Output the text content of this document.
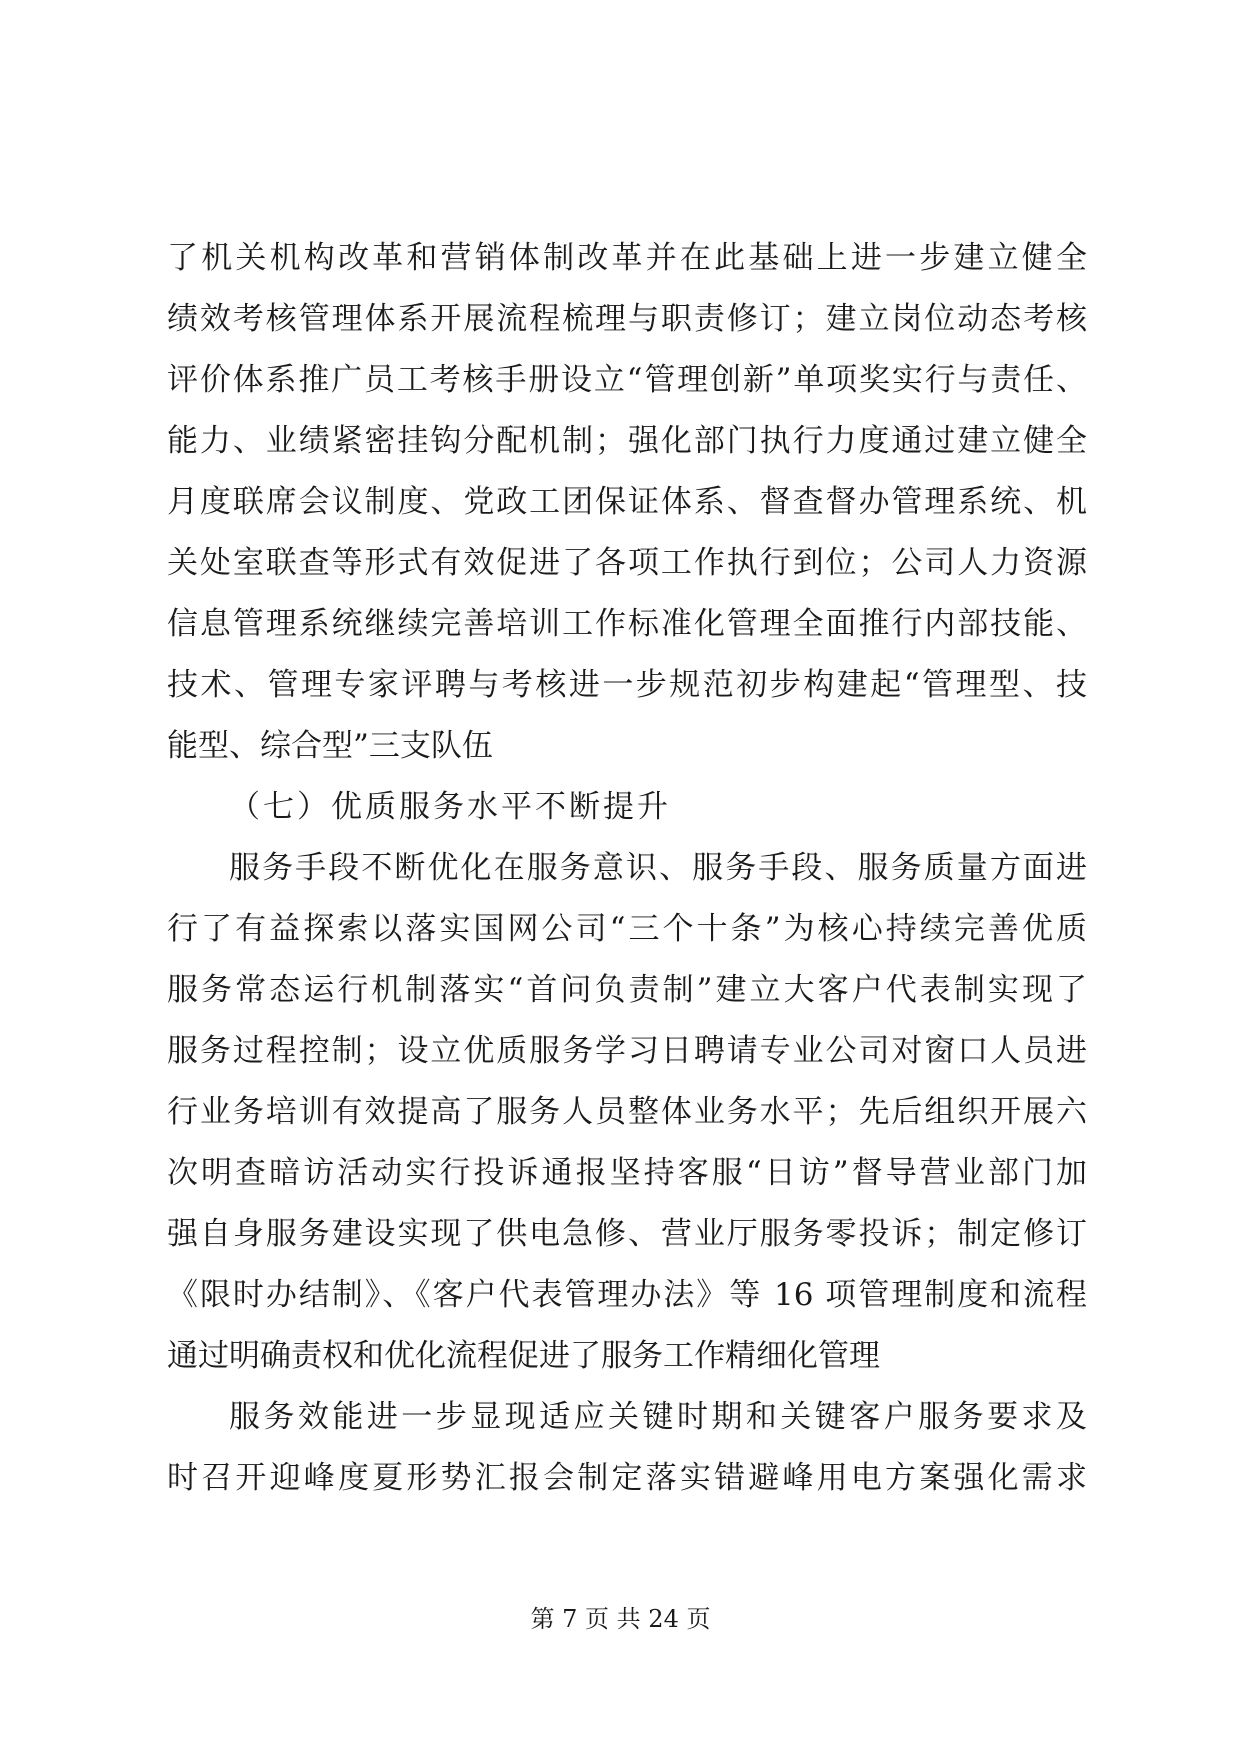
了机关机构改革和营销体制改革并在此基础上进一步建立健全
绩效考核管理体系开展流程梳理与职责修订；建立岗位动态考核
评价体系推广员工考核手册设立“管理创新”单项奖实行与责任、
能力、业绩紧密挂钩分配机制；强化部门执行力度通过建立健全
月度联席会议制度、党政工团保证体系、督查督办管理系统、机
关处室联查等形式有效促进了各项工作执行到位；公司人力资源
信息管理系统继续完善培训工作标准化管理全面推行内部技能、
技术、管理专家评聘与考核进一步规范初步构建起“管理型、技
能型、综合型”三支队伍
（七）优质服务水平不断提升
服务手段不断优化在服务意识、服务手段、服务质量方面进
行了有益探索以落实国网公司“三个十条”为核心持续完善优质
服务常态运行机制落实“首问负责制”建立大客户代表制实现了
服务过程控制；设立优质服务学习日聘请专业公司对窗口人员进
行业务培训有效提高了服务人员整体业务水平；先后组织开展六
次明查暗访活动实行投诉通报坚持客服“日访”督导营业部门加
强自身服务建设实现了供电急修、营业厅服务零投诉；制定修订
《限时办结制》、《客户代表管理办法》等 16 项管理制度和流程
通过明确责权和优化流程促进了服务工作精细化管理
服务效能进一步显现适应关键时期和关键客户服务要求及
时召开迎峰度夏形势汇报会制定落实错避峰用电方案强化需求
第 7 页 共 24 页
